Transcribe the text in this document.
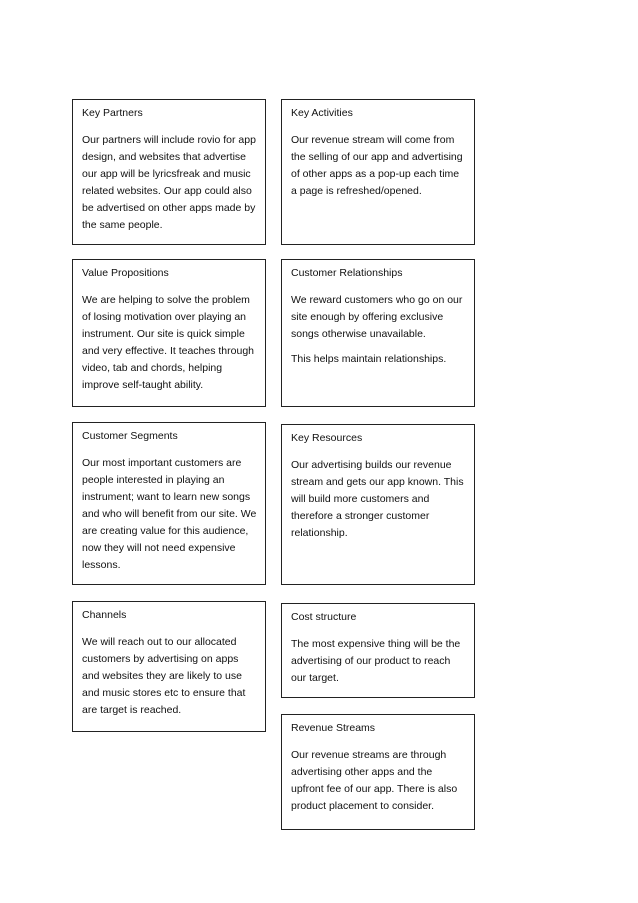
Key Partners

Our partners will include rovio for app design, and websites that advertise our app will be lyricsfreak and music related websites. Our app could also be advertised on other apps made by the same people.

Key Activities

Our revenue stream will come from the selling of our app and advertising of other apps as a pop-up each time a page is refreshed/opened.

Value Propositions

We are helping to solve the problem of losing motivation over playing an instrument. Our site is quick simple and very effective. It teaches through video, tab and chords, helping improve self-taught ability.

Customer Relationships

We reward customers who go on our site enough by offering exclusive songs otherwise unavailable.

This helps maintain relationships.

Customer Segments

Our most important customers are people interested in playing an instrument; want to learn new songs and who will benefit from our site. We are creating value for this audience, now they will not need expensive lessons.

Key Resources

Our advertising builds our revenue stream and gets our app known. This will build more customers and therefore a stronger customer relationship.

Channels

We will reach out to our allocated customers by advertising on apps and websites they are likely to use and music stores etc to ensure that are target is reached.

Cost structure

The most expensive thing will be the advertising of our product to reach our target.

Revenue Streams

Our revenue streams are through advertising other apps and the upfront fee of our app. There is also product placement to consider.
